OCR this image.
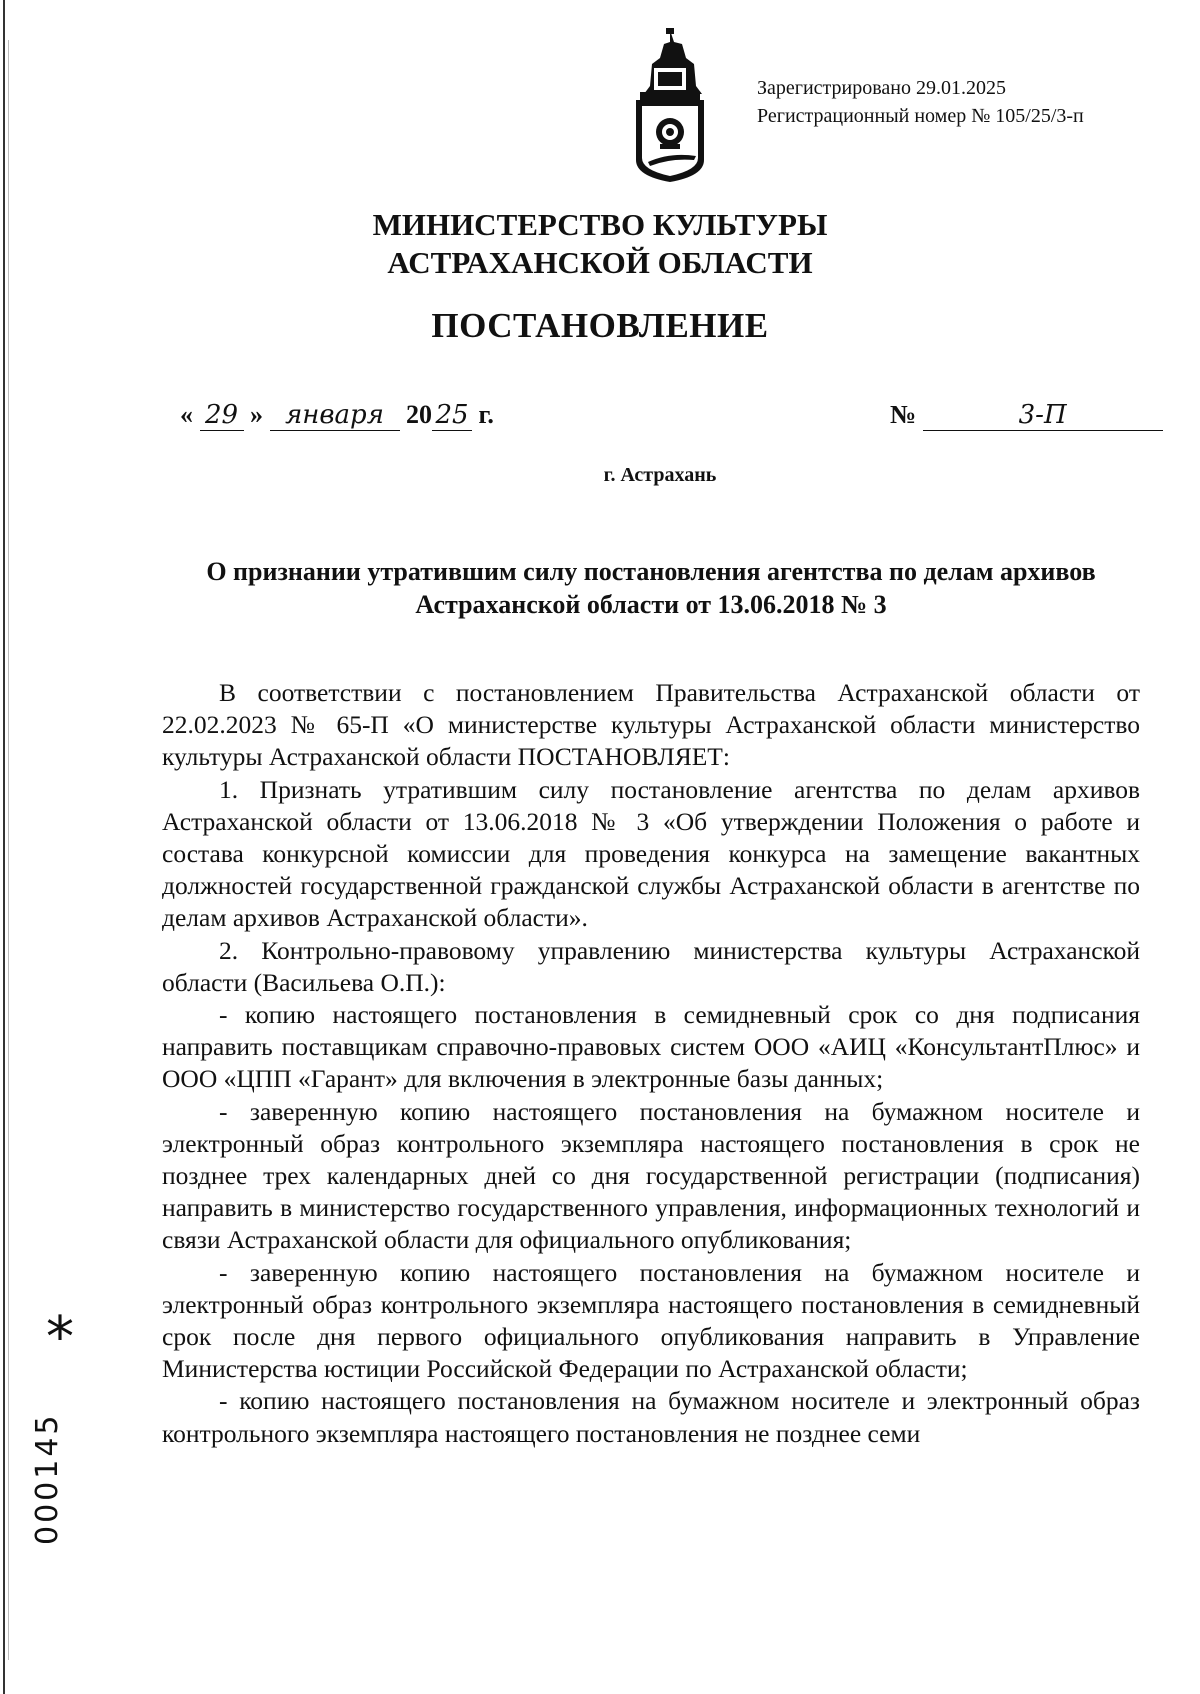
Зарегистрировано 29.01.2025
Регистрационный номер № 105/25/3-п
МИНИСТЕРСТВО КУЛЬТУРЫ
АСТРАХАНСКОЙ ОБЛАСТИ
ПОСТАНОВЛЕНИЕ
« 29 » января 20 25 г.	№	3-П
г. Астрахань
О признании утратившим силу постановления агентства по делам архивов
Астраханской области от 13.06.2018 № 3

В соответствии с постановлением Правительства Астраханской области от 22.02.2023 № 65-П «О министерстве культуры Астраханской области министерство культуры Астраханской области ПОСТАНОВЛЯЕТ:

1. Признать утратившим силу постановление агентства по делам архивов Астраханской области от 13.06.2018 № 3 «Об утверждении Положения о работе и состава конкурсной комиссии для проведения конкурса на замещение вакантных должностей государственной гражданской службы Астраханской области в агентстве по делам архивов Астраханской области».

2. Контрольно-правовому управлению министерства культуры Астраханской области (Васильева О.П.):

- копию настоящего постановления в семидневный срок со дня подписания направить поставщикам справочно-правовых систем ООО «АИЦ «КонсультантПлюс» и ООО «ЦПП «Гарант» для включения в электронные базы данных;

- заверенную копию настоящего постановления на бумажном носителе и электронный образ контрольного экземпляра настоящего постановления в срок не позднее трех календарных дней со дня государственной регистрации (подписания) направить в министерство государственного управления, информационных технологий и связи Астраханской области для официального опубликования;

- заверенную копию настоящего постановления на бумажном носителе и электронный образ контрольного экземпляра настоящего постановления в семидневный срок после дня первого официального опубликования направить в Управление Министерства юстиции Российской Федерации по Астраханской области;

- копию настоящего постановления на бумажном носителе и электронный образ контрольного экземпляра настоящего постановления не позднее семи

*
000145
